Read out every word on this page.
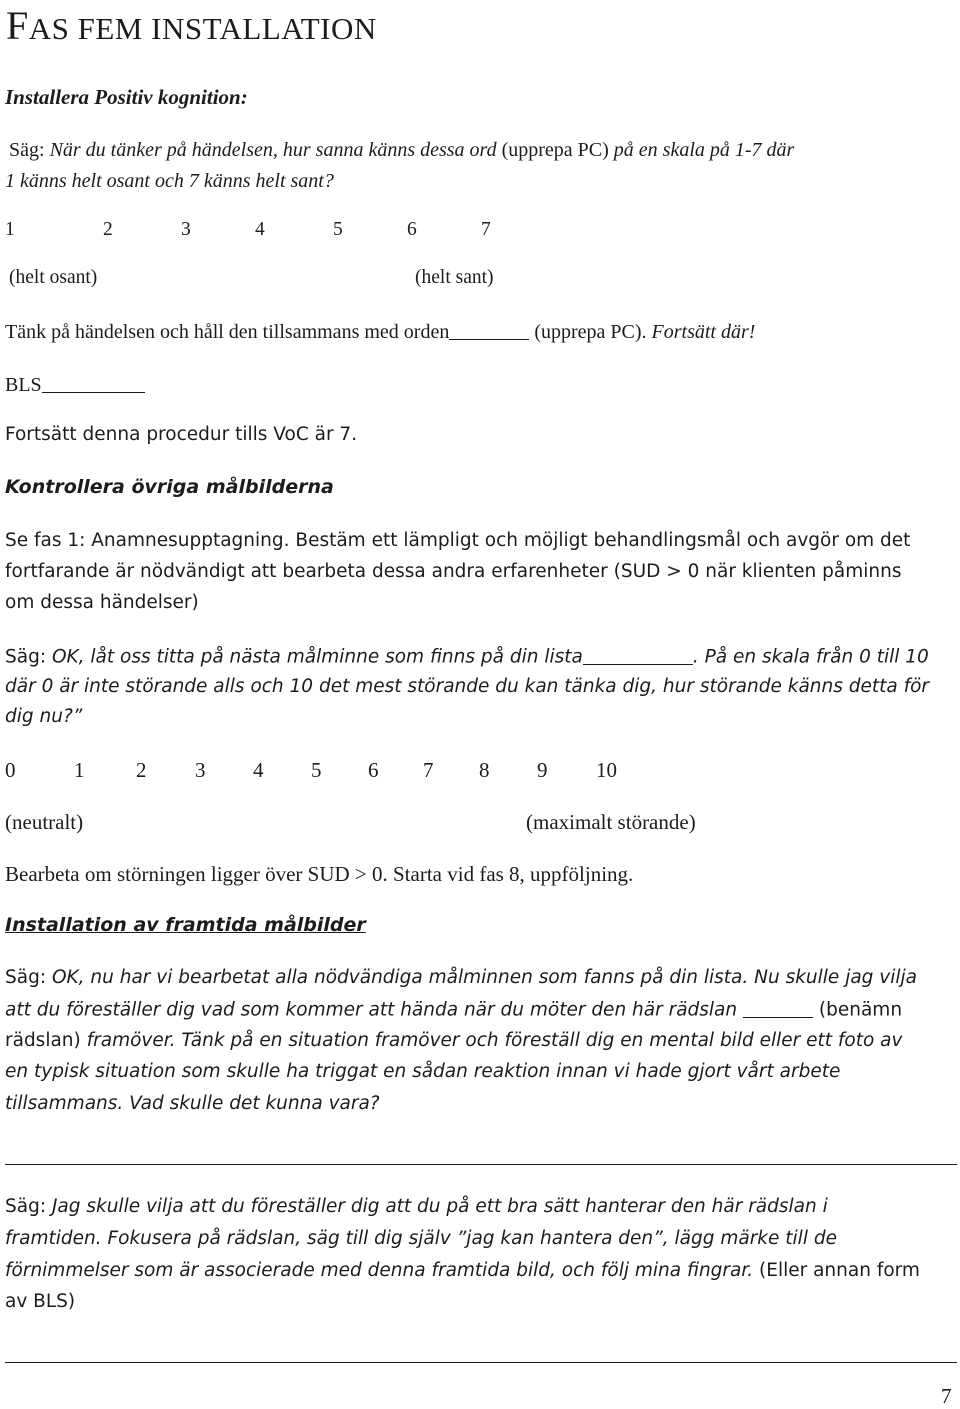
FAS FEM INSTALLATION
Installera Positiv kognition:
Säg: När du tänker på händelsen, hur sanna känns dessa ord (upprepa PC) på en skala på 1-7 där
1 känns helt osant och 7 känns helt sant?
1	2	3	4	5	6	7
(helt osant)	(helt sant)
Tänk på händelsen och håll den tillsammans med orden	(upprepa PC). Fortsätt där!
BLS
Fortsätt denna procedur tills VoC är 7.
Kontrollera övriga målbilderna
Se fas 1: Anamnesupptagning. Bestäm ett lämpligt och möjligt behandlingsmål och avgör om det
fortfarande är nödvändigt att bearbeta dessa andra erfarenheter (SUD > 0 när klienten påminns
om dessa händelser)
Säg: OK, låt oss titta på nästa målminne som finns på din lista	. På en skala från 0 till 10
där 0 är inte störande alls och 10 det mest störande du kan tänka dig, hur störande känns detta för
dig nu?”
0	1 2 3 4 5 6 7 8 9 10
(neutralt)	(maximalt störande)
Bearbeta om störningen ligger över SUD > 0. Starta vid fas 8, uppföljning.
Installation av framtida målbilder
Säg: OK, nu har vi bearbetat alla nödvändiga målminnen som fanns på din lista. Nu skulle jag vilja
att du föreställer dig vad som kommer att hända när du möter den här rädslan	(benämn
rädslan) framöver. Tänk på en situation framöver och föreställ dig en mental bild eller ett foto av
en typisk situation som skulle ha triggat en sådan reaktion innan vi hade gjort vårt arbete
tillsammans. Vad skulle det kunna vara?
Säg: Jag skulle vilja att du föreställer dig att du på ett bra sätt hanterar den här rädslan i
framtiden. Fokusera på rädslan, säg till dig själv ”jag kan hantera den”, lägg märke till de
förnimmelser som är associerade med denna framtida bild, och följ mina fingrar. (Eller annan form
av BLS)
7
